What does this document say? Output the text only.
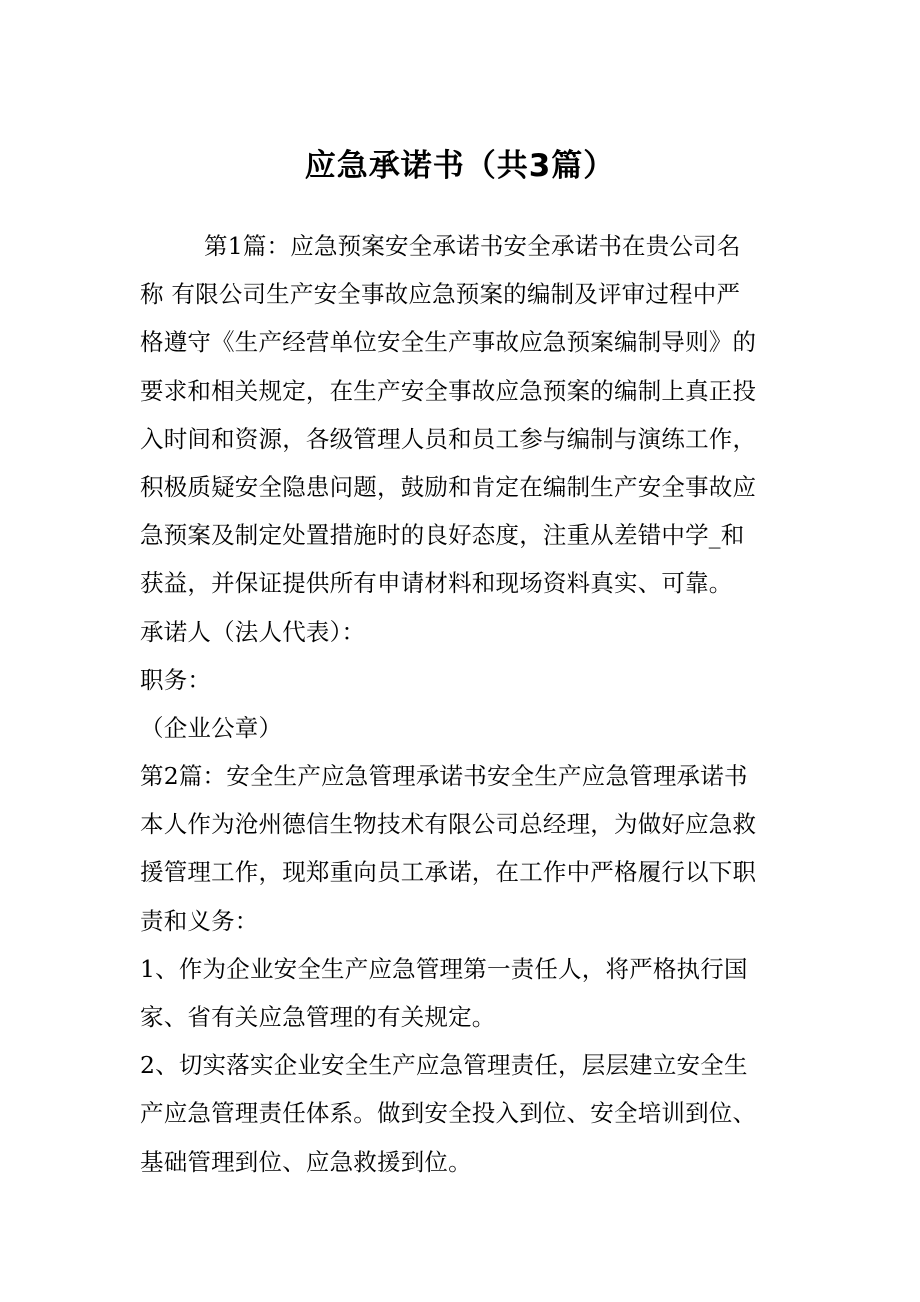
应急承诺书（共3篇）
第1篇：应急预案安全承诺书安全承诺书在贵公司名
称 有限公司生产安全事故应急预案的编制及评审过程中严
格遵守《生产经营单位安全生产事故应急预案编制导则》的
要求和相关规定，在生产安全事故应急预案的编制上真正投
入时间和资源，各级管理人员和员工参与编制与演练工作，
积极质疑安全隐患问题，鼓励和肯定在编制生产安全事故应
急预案及制定处置措施时的良好态度，注重从差错中学_和
获益，并保证提供所有申请材料和现场资料真实、可靠。
承诺人（法人代表）：
职务：
（企业公章）
第2篇：安全生产应急管理承诺书安全生产应急管理承诺书
本人作为沧州德信生物技术有限公司总经理，为做好应急救
援管理工作，现郑重向员工承诺，在工作中严格履行以下职
责和义务：
1、作为企业安全生产应急管理第一责任人，将严格执行国
家、省有关应急管理的有关规定。
2、切实落实企业安全生产应急管理责任，层层建立安全生
产应急管理责任体系。做到安全投入到位、安全培训到位、
基础管理到位、应急救援到位。
